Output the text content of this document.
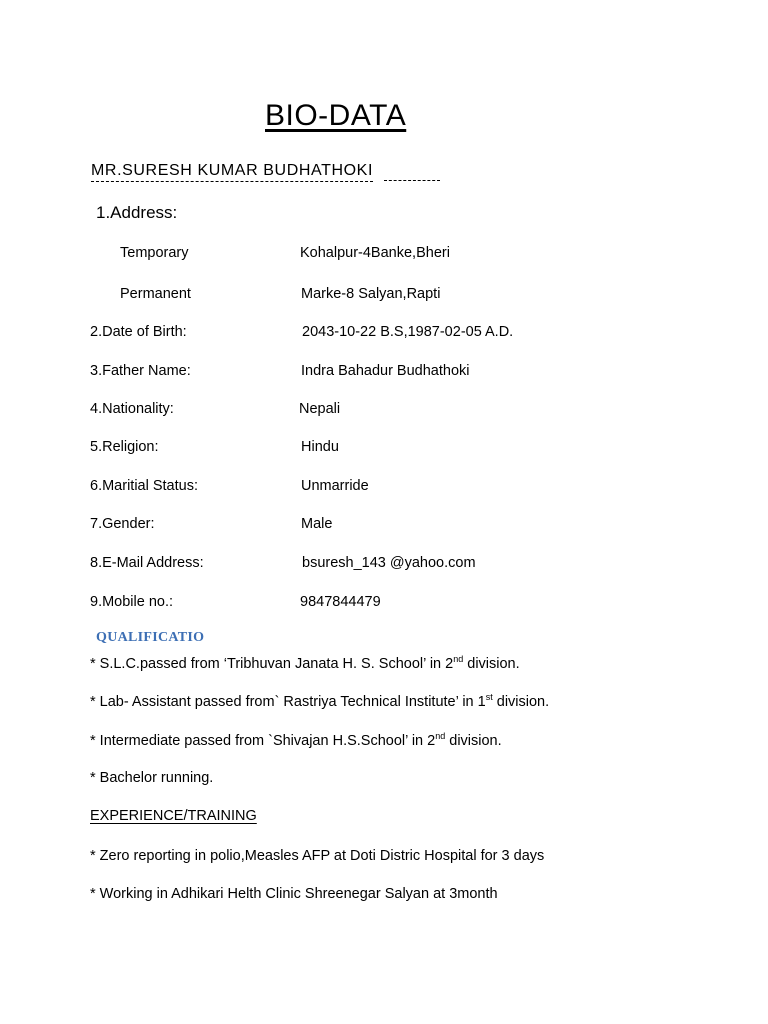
BIO-DATA
MR.SURESH KUMAR BUDHATHOKI
1.Address:
Temporary	Kohalpur-4Banke,Bheri
Permanent	Marke-8 Salyan,Rapti
2.Date of Birth:	2043-10-22 B.S,1987-02-05 A.D.
3.Father Name:	Indra Bahadur Budhathoki
4.Nationality:	Nepali
5.Religion:	Hindu
6.Maritial Status:	Unmarride
7.Gender:	Male
8.E-Mail Address:	bsuresh_143 @yahoo.com
9.Mobile no.:	9847844479
QUALIFICATIO
* S.L.C.passed from ‘Tribhuvan Janata H. S. School’ in 2nd division.
* Lab- Assistant passed from` Rastriya Technical Institute’ in 1st division.
* Intermediate passed from `Shivajan H.S.School’ in 2nd division.
* Bachelor running.
EXPERIENCE/TRAINING
* Zero reporting in polio,Measles AFP at Doti Distric Hospital for 3 days
* Working in Adhikari Helth Clinic Shreenegar Salyan at 3month
